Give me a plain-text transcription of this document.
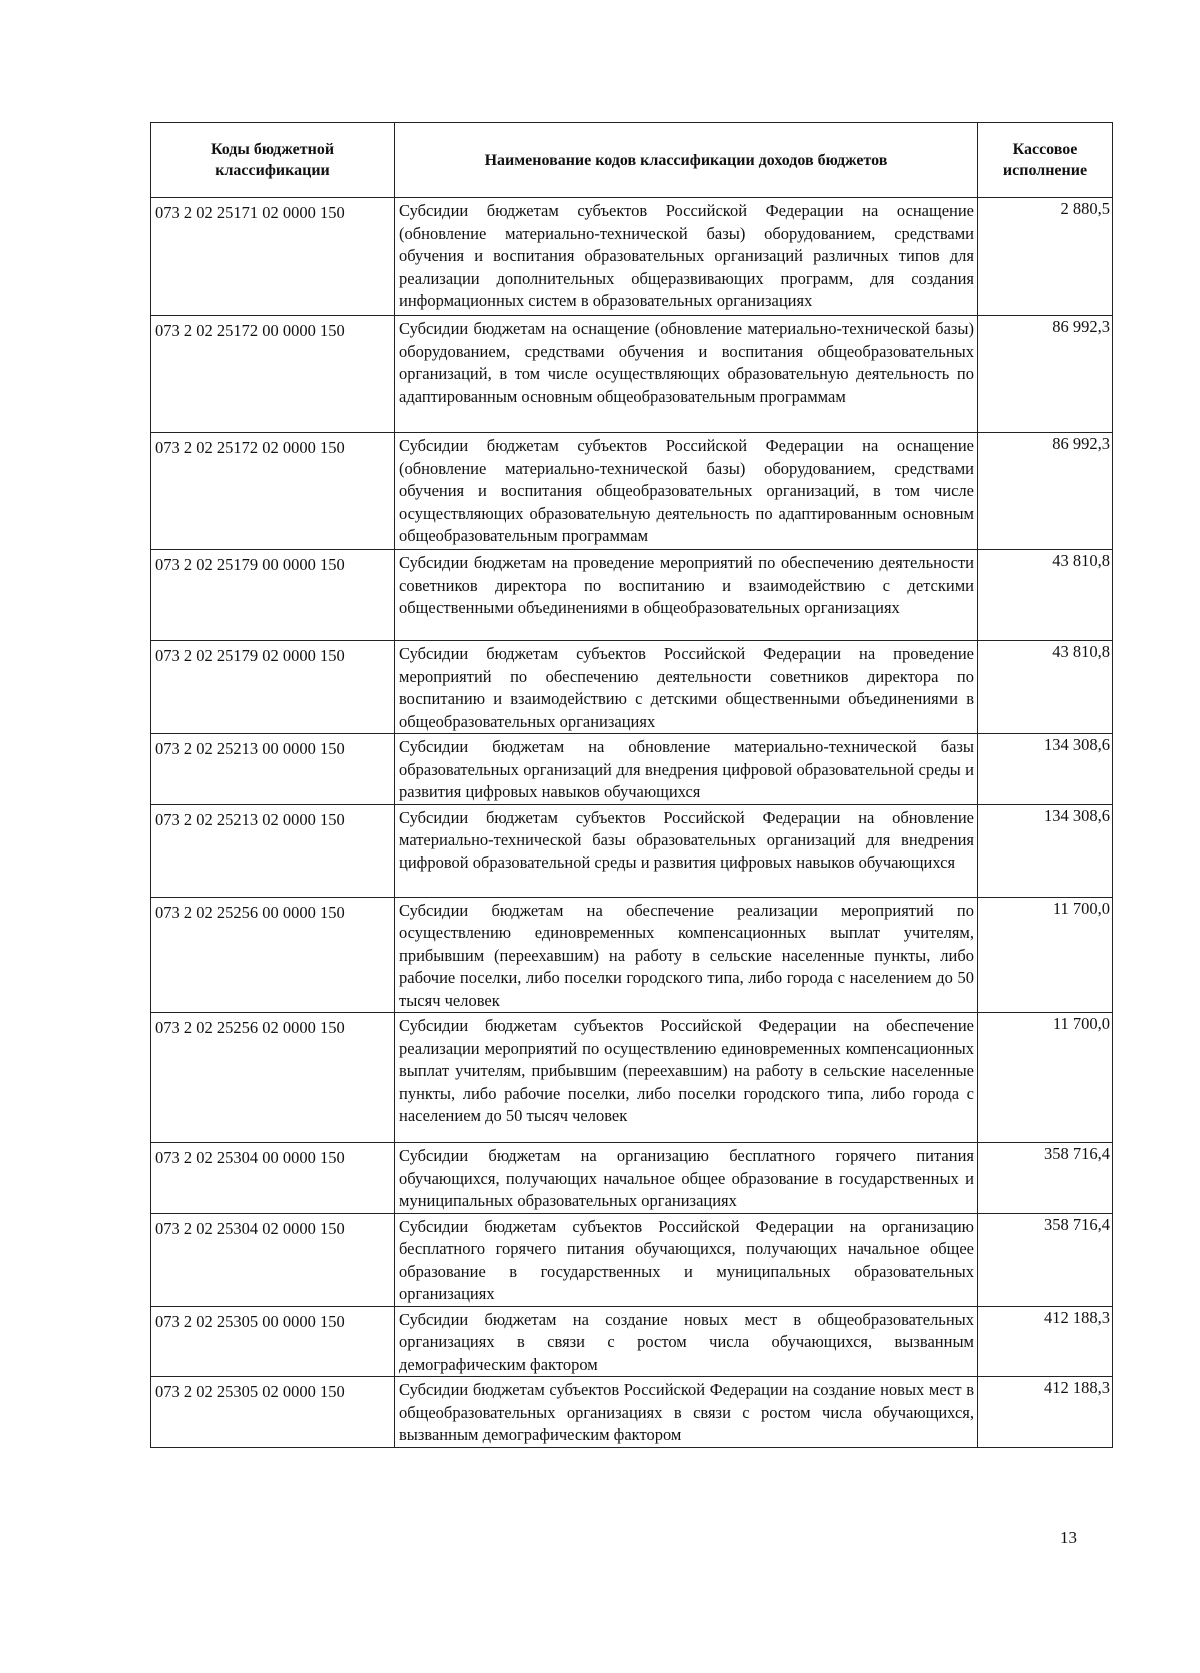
Коды бюджетной классификации	Наименование кодов классификации доходов бюджетов	Кассовое исполнение
073 2 02 25171 02 0000 150	Субсидии бюджетам субъектов Российской Федерации на оснащение (обновление материально-технической базы) оборудованием, средствами обучения и воспитания образовательных организаций различных типов для реализации дополнительных общеразвивающих программ, для создания информационных систем в образовательных организациях	2 880,5
073 2 02 25172 00 0000 150	Субсидии бюджетам на оснащение (обновление материально-технической базы) оборудованием, средствами обучения и воспитания общеобразовательных организаций, в том числе осуществляющих образовательную деятельность по адаптированным основным общеобразовательным программам	86 992,3
073 2 02 25172 02 0000 150	Субсидии бюджетам субъектов Российской Федерации на оснащение (обновление материально-технической базы) оборудованием, средствами обучения и воспитания общеобразовательных организаций, в том числе осуществляющих образовательную деятельность по адаптированным основным общеобразовательным программам	86 992,3
073 2 02 25179 00 0000 150	Субсидии бюджетам на проведение мероприятий по обеспечению деятельности советников директора по воспитанию и взаимодействию с детскими общественными объединениями в общеобразовательных организациях	43 810,8
073 2 02 25179 02 0000 150	Субсидии бюджетам субъектов Российской Федерации на проведение мероприятий по обеспечению деятельности советников директора по воспитанию и взаимодействию с детскими общественными объединениями в общеобразовательных организациях	43 810,8
073 2 02 25213 00 0000 150	Субсидии бюджетам на обновление материально-технической базы образовательных организаций для внедрения цифровой образовательной среды и развития цифровых навыков обучающихся	134 308,6
073 2 02 25213 02 0000 150	Субсидии бюджетам субъектов Российской Федерации на обновление материально-технической базы образовательных организаций для внедрения цифровой образовательной среды и развития цифровых навыков обучающихся	134 308,6
073 2 02 25256 00 0000 150	Субсидии бюджетам на обеспечение реализации мероприятий по осуществлению единовременных компенсационных выплат учителям, прибывшим (переехавшим) на работу в сельские населенные пункты, либо рабочие поселки, либо поселки городского типа, либо города с населением до 50 тысяч человек	11 700,0
073 2 02 25256 02 0000 150	Субсидии бюджетам субъектов Российской Федерации на обеспечение реализации мероприятий по осуществлению единовременных компенсационных выплат учителям, прибывшим (переехавшим) на работу в сельские населенные пункты, либо рабочие поселки, либо поселки городского типа, либо города с населением до 50 тысяч человек	11 700,0
073 2 02 25304 00 0000 150	Субсидии бюджетам на организацию бесплатного горячего питания обучающихся, получающих начальное общее образование в государственных и муниципальных образовательных организациях	358 716,4
073 2 02 25304 02 0000 150	Субсидии бюджетам субъектов Российской Федерации на организацию бесплатного горячего питания обучающихся, получающих начальное общее образование в государственных и муниципальных образовательных организациях	358 716,4
073 2 02 25305 00 0000 150	Субсидии бюджетам на создание новых мест в общеобразовательных организациях в связи с ростом числа обучающихся, вызванным демографическим фактором	412 188,3
073 2 02 25305 02 0000 150	Субсидии бюджетам субъектов Российской Федерации на создание новых мест в общеобразовательных организациях в связи с ростом числа обучающихся, вызванным демографическим фактором	412 188,3
13
